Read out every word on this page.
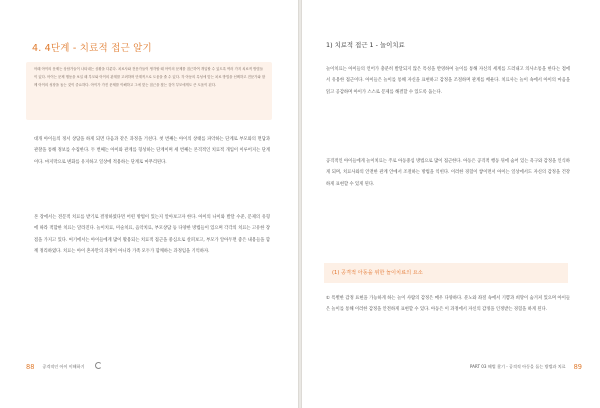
4. 4단계 - 치료적 접근 알기

아래 아이의 문제는 상담가들이 나타내는 상황을 다룬다. 치료사와 전문가들이 생각할 때 아이의 문제를 접근하여 개입할 수 있도록 여러 가지 치료적 방법들이 있다. 아이는 문제 행동을 보일 때 부모와 아이의 관계를 고려하며 단계적으로 도움을 줄 수 있다. 각 아동의 특성에 맞는 치료 방법을 선택하고 전문가와 함께 아이의 성장을 돕는 것이 중요하다. 아이가 가진 문제를 이해하고 그에 맞는 접근을 찾는 것이 부모에게도 큰 도움이 된다.

대개 아이들의 정서 상담을 하게 되면 다음과 같은 과정을 거친다. 첫 번째는 아이의 상태를 파악하는 단계로 부모와의 면담과 관찰을 통해 정보를 수집한다. 두 번째는 아이와 관계를 형성하는 단계이며 세 번째는 본격적인 치료적 개입이 이루어지는 단계이다. 마지막으로 변화를 유지하고 일상에 적용하는 단계로 마무리된다.

본 장에서는 전문적 치료를 받기로 결정하였다면 어떤 방법이 있는지 알아보고자 한다. 아이의 나이와 발달 수준, 문제의 유형에 따라 적합한 치료는 달라진다. 놀이치료, 미술치료, 음악치료, 부모상담 등 다양한 방법들이 있으며 각각의 치료는 고유한 장점을 가지고 있다. 여기에서는 아이들에게 많이 활용되는 치료적 접근을 중심으로 살펴보고, 부모가 알아두면 좋은 내용들을 함께 정리하였다. 치료는 아이 혼자만의 과정이 아니라 가족 모두가 함께하는 과정임을 기억하자.

88 공격적인 아이 이해하기
1) 치료적 접근 1 - 놀이치료

놀이치료는 아이들의 언어가 충분히 발달되지 않은 특성을 반영하여 놀이를 통해 자신의 세계를 드러내고 의사소통을 한다는 점에서 유용한 접근이다. 아이들은 놀이를 통해 자신을 표현하고 감정을 조절하며 관계를 배운다. 치료사는 놀이 속에서 아이의 마음을 읽고 공감하며 아이가 스스로 문제를 해결할 수 있도록 돕는다.

공격적인 아이들에게 놀이치료는 주로 아동중심 방법으로 많이 접근한다. 아동은 공격적 행동 뒤에 숨어 있는 욕구와 감정을 인식하게 되며, 치료사와의 안전한 관계 안에서 조절하는 방법을 익힌다. 이러한 경험이 쌓이면서 아이는 일상에서도 자신의 감정을 건강하게 표현할 수 있게 된다.

(1) 공격적 아동을 위한 놀이치료의 요소

① 특별한 감정 표현을 가능하게 하는 놀이 사람의 감정은 매우 다양하다. 분노와 좌절 속에서 기쁨과 희망이 숨겨져 있으며 아이들은 놀이를 통해 이러한 감정을 안전하게 표현할 수 있다. 아동은 이 과정에서 자신의 감정을 인정받는 경험을 하게 된다.

PART 03 해법 찾기 - 공격적 아동을 돕는 방법과 치료 89
